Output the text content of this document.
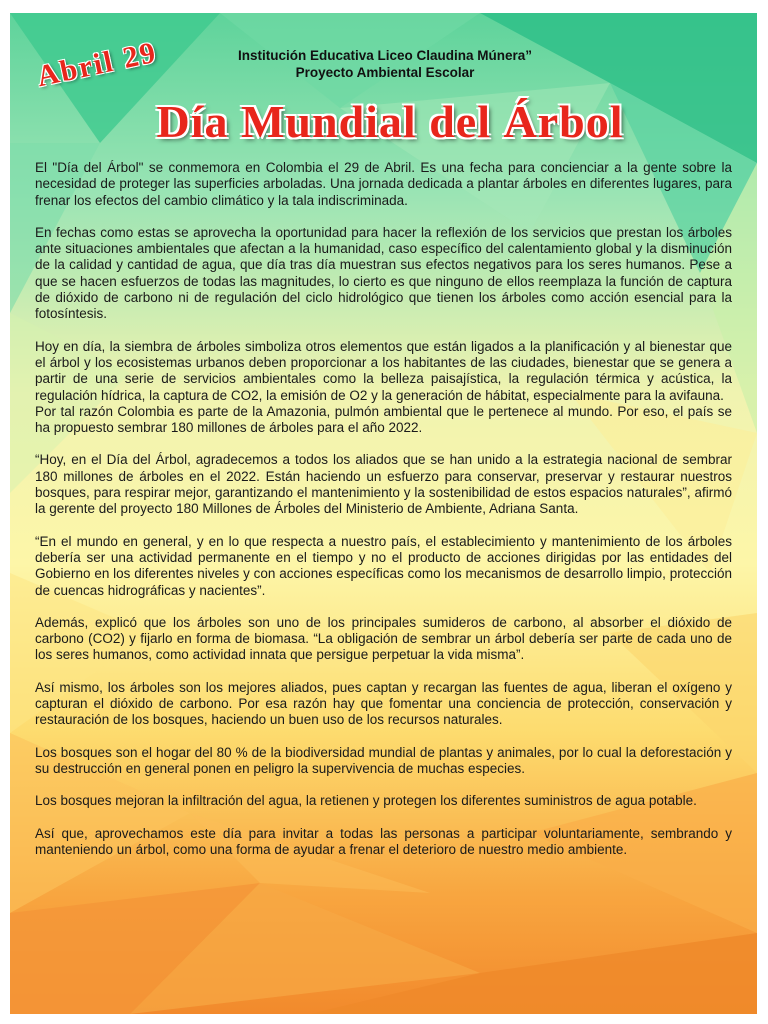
Abril 29	Institución Educativa Liceo Claudina Múnera”
Proyecto Ambiental Escolar
Día Mundial del Árbol

El "Día del Árbol" se conmemora en Colombia el 29 de Abril. Es una fecha para concienciar a la gente sobre la necesidad de proteger las superficies arboladas. Una jornada dedicada a plantar árboles en diferentes lugares, para frenar los efectos del cambio climático y la tala indiscriminada.

En fechas como estas se aprovecha la oportunidad para hacer la reflexión de los servicios que prestan los árboles ante situaciones ambientales que afectan a la humanidad, caso específico del calentamiento global y la disminución de la calidad y cantidad de agua, que día tras día muestran sus efectos negativos para los seres humanos. Pese a que se hacen esfuerzos de todas las magnitudes, lo cierto es que ninguno de ellos reemplaza la función de captura de dióxido de carbono ni de regulación del ciclo hidrológico que tienen los árboles como acción esencial para la fotosíntesis.

Hoy en día, la siembra de árboles simboliza otros elementos que están ligados a la planificación y al bienestar que el árbol y los ecosistemas urbanos deben proporcionar a los habitantes de las ciudades, bienestar que se genera a partir de una serie de servicios ambientales como la belleza paisajística, la regulación térmica y acústica, la regulación hídrica, la captura de CO2, la emisión de O2 y la generación de hábitat, especialmente para la avifauna.

Por tal razón Colombia es parte de la Amazonia, pulmón ambiental que le pertenece al mundo. Por eso, el país se ha propuesto sembrar 180 millones de árboles para el año 2022.

“Hoy, en el Día del Árbol, agradecemos a todos los aliados que se han unido a la estrategia nacional de sembrar 180 millones de árboles en el 2022. Están haciendo un esfuerzo para conservar, preservar y restaurar nuestros bosques, para respirar mejor, garantizando el mantenimiento y la sostenibilidad de estos espacios naturales”, afirmó la gerente del proyecto 180 Millones de Árboles del Ministerio de Ambiente, Adriana Santa.

“En el mundo en general, y en lo que respecta a nuestro país, el establecimiento y mantenimiento de los árboles debería ser una actividad permanente en el tiempo y no el producto de acciones dirigidas por las entidades del Gobierno en los diferentes niveles y con acciones específicas como los mecanismos de desarrollo limpio, protección de cuencas hidrográficas y nacientes”.

Además, explicó que los árboles son uno de los principales sumideros de carbono, al absorber el dióxido de carbono (CO2) y fijarlo en forma de biomasa. “La obligación de sembrar un árbol debería ser parte de cada uno de los seres humanos, como actividad innata que persigue perpetuar la vida misma”.

Así mismo, los árboles son los mejores aliados, pues captan y recargan las fuentes de agua, liberan el oxígeno y capturan el dióxido de carbono. Por esa razón hay que fomentar una conciencia de protección, conservación y restauración de los bosques, haciendo un buen uso de los recursos naturales.

Los bosques son el hogar del 80 % de la biodiversidad mundial de plantas y animales, por lo cual la deforestación y su destrucción en general ponen en peligro la supervivencia de muchas especies.

Los bosques mejoran la infiltración del agua, la retienen y protegen los diferentes suministros de agua potable.

Así que, aprovechamos este día para invitar a todas las personas a participar voluntariamente, sembrando y manteniendo un árbol, como una forma de ayudar a frenar el deterioro de nuestro medio ambiente.
